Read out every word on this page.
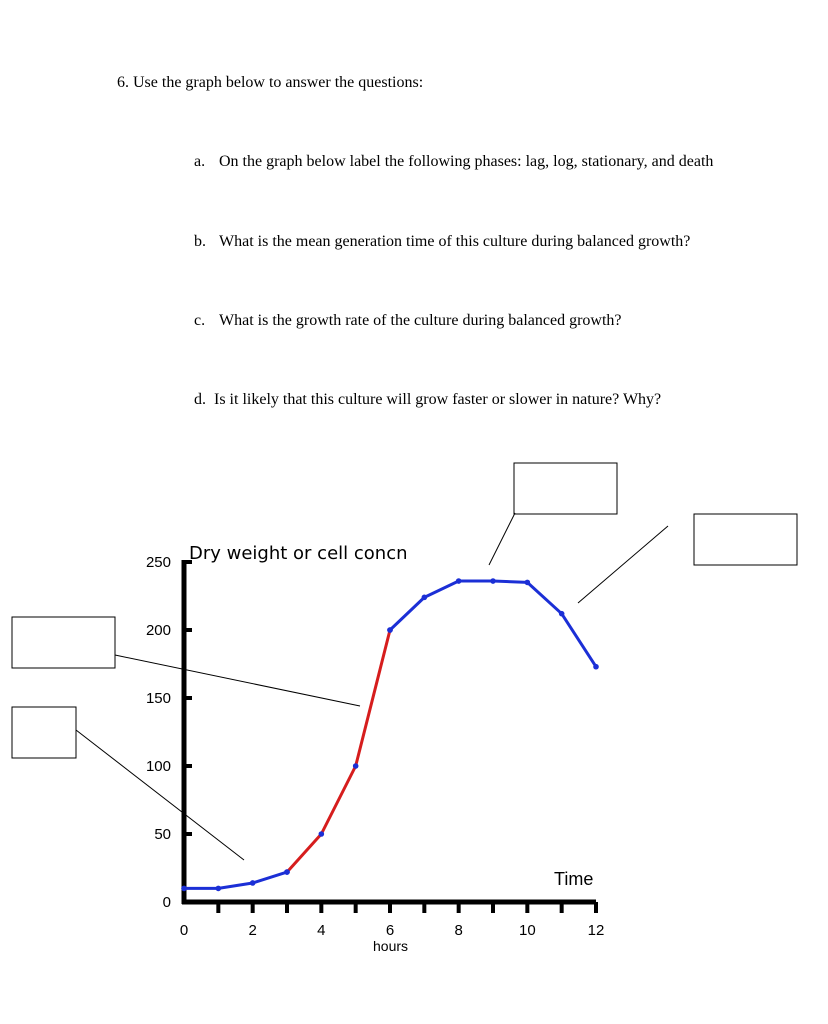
6. Use the graph below to answer the questions:
a. On the graph below label the following phases: lag, log, stationary, and death
b. What is the mean generation time of this culture during balanced growth?
c. What is the growth rate of the culture during balanced growth?
d. Is it likely that this culture will grow faster or slower in nature? Why?
0
50
100
150
200
250
0	2	4	6	8	10	12
Dry weight or cell concn
Time
hours
